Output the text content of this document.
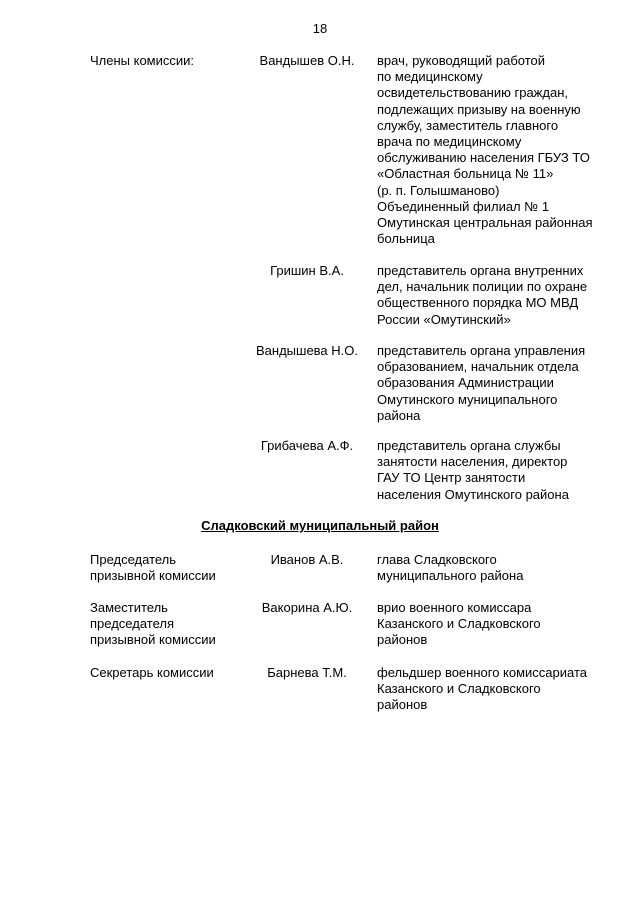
18
Члены комиссии:	Вандышев О.Н.	врач, руководящий работой
по медицинскому
освидетельствованию граждан,
подлежащих призыву на военную
службу, заместитель главного
врача по медицинскому
обслуживанию населения ГБУЗ ТО
«Областная больница № 11»
(р. п. Голышманово)
Объединенный филиал № 1
Омутинская центральная районная
больница
Гришин В.А.	представитель органа внутренних
дел, начальник полиции по охране
общественного порядка МО МВД
России «Омутинский»
Вандышева Н.О.	представитель органа управления
образованием, начальник отдела
образования Администрации
Омутинского муниципального
района
Грибачева А.Ф.	представитель органа службы
занятости населения, директор
ГАУ ТО Центр занятости
населения Омутинского района
Сладковский муниципальный район
Председатель
призывной комиссии
Иванов А.В.	глава Сладковского
муниципального района
Заместитель
председателя
призывной комиссии
Вакорина А.Ю.	врио военного комиссара
Казанского и Сладковского
районов
Секретарь комиссии	Барнева Т.М.	фельдшер военного комиссариата
Казанского и Сладковского
районов
